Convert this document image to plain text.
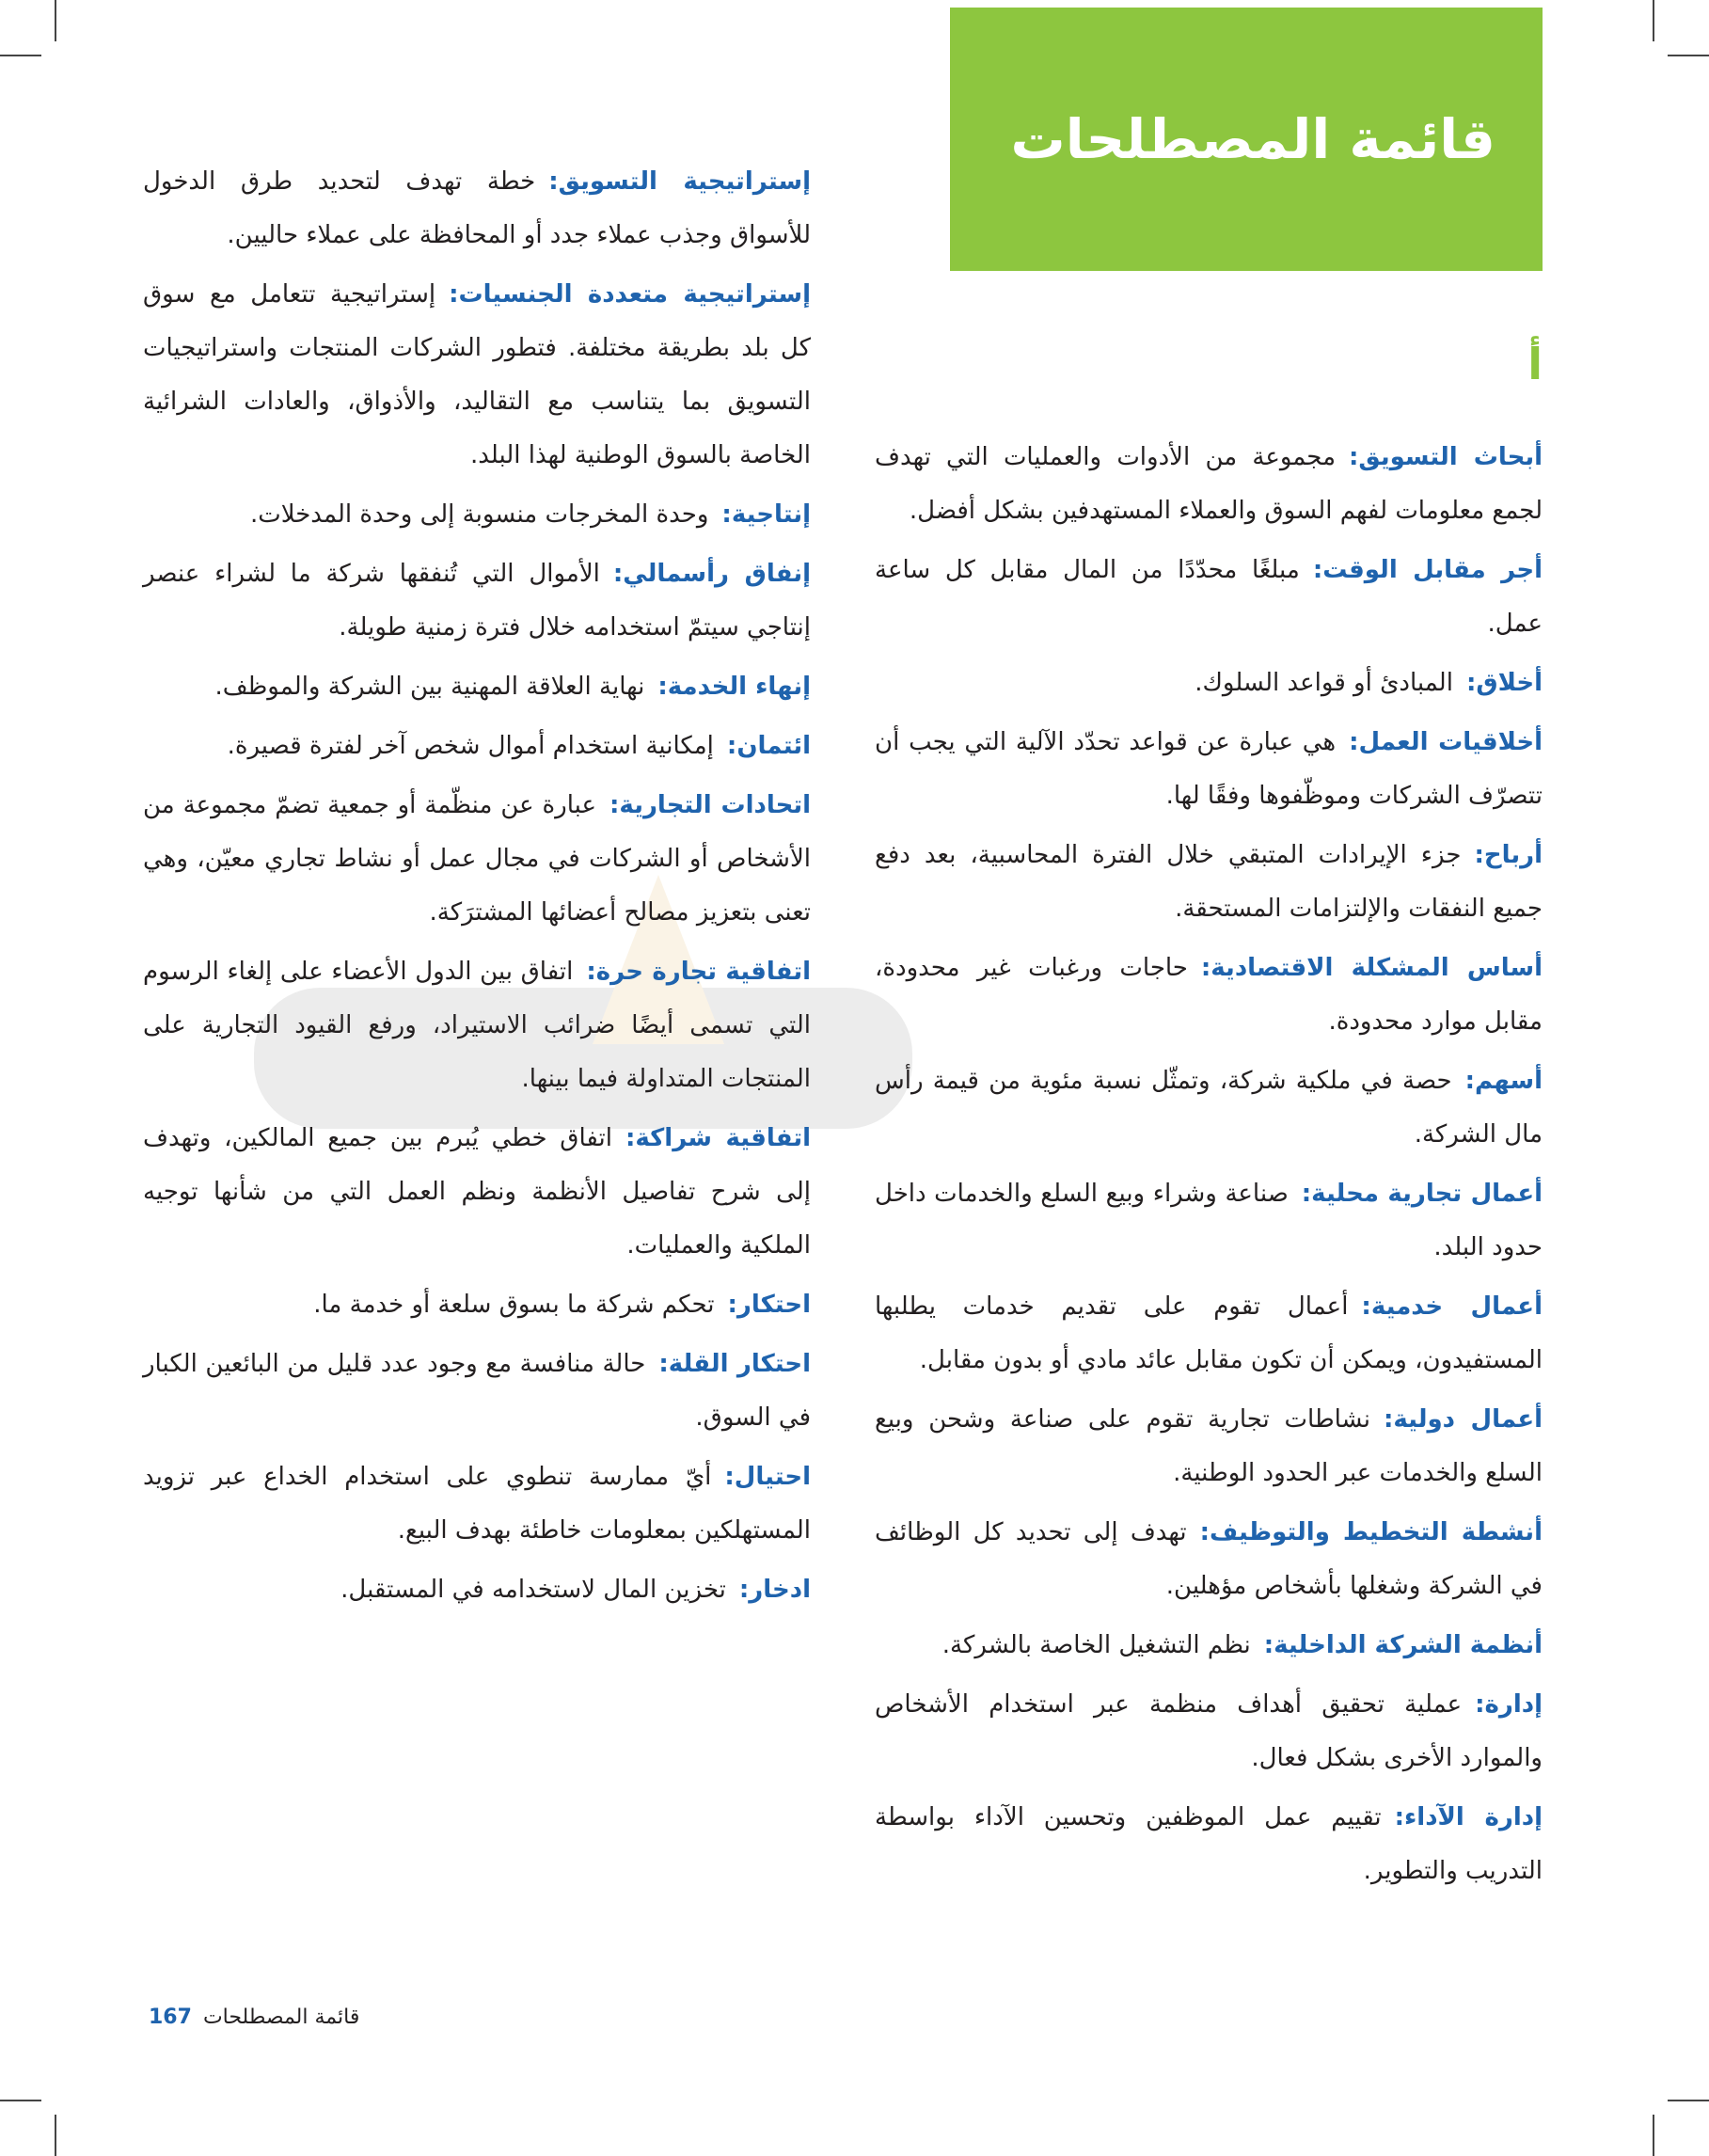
قائمة المصطلحات
أ

أبحاث التسويق:مجموعة من الأدوات والعمليات التي تهدف لجمع معلومات لفهم السوق والعملاء المستهدفين بشكل أفضل.

أجر مقابل الوقت:مبلغًا محدّدًا من المال مقابل كل ساعة عمل.

أخلاق:المبادئ أو قواعد السلوك.

أخلاقيات العمل:هي عبارة عن قواعد تحدّد الآلية التي يجب أن تتصرّف الشركات وموظّفوها وفقًا لها.

أرباح:جزء الإيرادات المتبقي خلال الفترة المحاسبية، بعد دفع جميع النفقات والإلتزامات المستحقة.

أساس المشكلة الاقتصادية:حاجات ورغبات غير محدودة، مقابل موارد محدودة.

أسهم:حصة في ملكية شركة، وتمثّل نسبة مئوية من قيمة رأس مال الشركة.

أعمال تجارية محلية:صناعة وشراء وبيع السلع والخدمات داخل حدود البلد.

أعمال خدمية:أعمال تقوم على تقديم خدمات يطلبها المستفيدون، ويمكن أن تكون مقابل عائد مادي أو بدون مقابل.

أعمال دولية:نشاطات تجارية تقوم على صناعة وشحن وبيع السلع والخدمات عبر الحدود الوطنية.

أنشطة التخطيط والتوظيف:تهدف إلى تحديد كل الوظائف في الشركة وشغلها بأشخاص مؤهلين.

أنظمة الشركة الداخلية:نظم التشغيل الخاصة بالشركة.

إدارة:عملية تحقيق أهداف منظمة عبر استخدام الأشخاص والموارد الأخرى بشكل فعال.

إدارة الآداء:تقييم عمل الموظفين وتحسين الآداء بواسطة التدريب والتطوير.

إستراتيجية التسويق:خطة تهدف لتحديد طرق الدخول للأسواق وجذب عملاء جدد أو المحافظة على عملاء حاليين.

إستراتيجية متعددة الجنسيات:إستراتيجية تتعامل مع سوق كل بلد بطريقة مختلفة. فتطور الشركات المنتجات واستراتيجيات التسويق بما يتناسب مع التقاليد، والأذواق، والعادات الشرائية الخاصة بالسوق الوطنية لهذا البلد.

إنتاجية:وحدة المخرجات منسوبة إلى وحدة المدخلات.

إنفاق رأسمالي:الأموال التي تُنفقها شركة ما لشراء عنصر إنتاجي سيتمّ استخدامه خلال فترة زمنية طويلة.

إنهاء الخدمة:نهاية العلاقة المهنية بين الشركة والموظف.

ائتمان:إمكانية استخدام أموال شخص آخر لفترة قصيرة.

اتحادات التجارية:عبارة عن منظّمة أو جمعية تضمّ مجموعة من الأشخاص أو الشركات في مجال عمل أو نشاط تجاري معيّن، وهي تعنى بتعزيز مصالح أعضائها المشترَكة.

اتفاقية تجارة حرة:اتفاق بين الدول الأعضاء على إلغاء الرسوم التي تسمى أيضًا ضرائب الاستيراد، ورفع القيود التجارية على المنتجات المتداولة فيما بينها.

اتفاقية شراكة:اتفاق خطي يُبرم بين جميع المالكين، وتهدف إلى شرح تفاصيل الأنظمة ونظم العمل التي من شأنها توجيه الملكية والعمليات.

احتكار:تحكم شركة ما بسوق سلعة أو خدمة ما.

احتكار القلة:حالة منافسة مع وجود عدد قليل من البائعين الكبار في السوق.

احتيال:أيّ ممارسة تنطوي على استخدام الخداع عبر تزويد المستهلكين بمعلومات خاطئة بهدف البيع.

ادخار:تخزين المال لاستخدامه في المستقبل.

قائمة المصطلحات167
